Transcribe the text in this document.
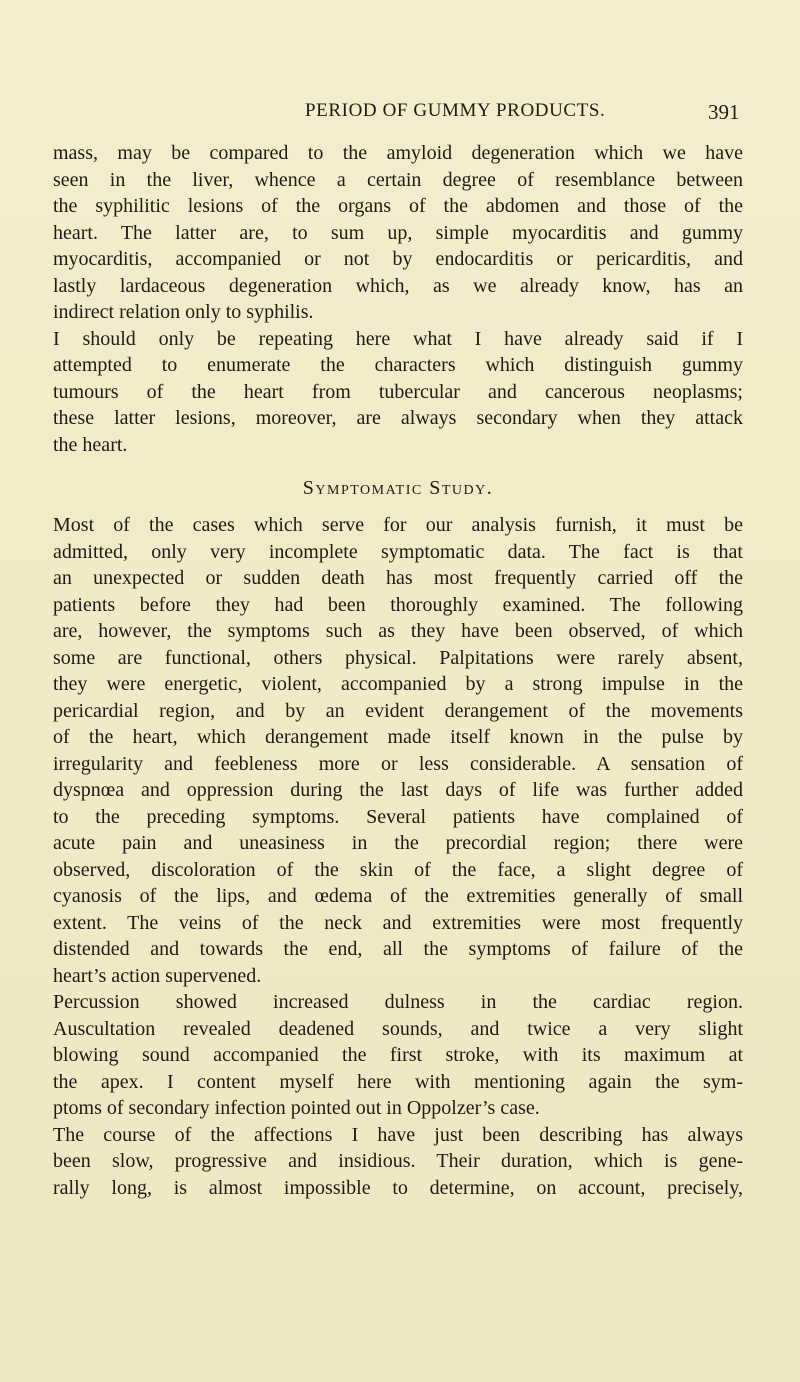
PERIOD OF GUMMY PRODUCTS.	391
mass, may be compared to the amyloid degeneration which we have
seen in the liver, whence a certain degree of resemblance between
the syphilitic lesions of the organs of the abdomen and those of the
heart. The latter are, to sum up, simple myocarditis and gummy
myocarditis, accompanied or not by endocarditis or pericarditis, and
lastly lardaceous degeneration which, as we already know, has an
indirect relation only to syphilis.
I should only be repeating here what I have already said if I
attempted to enumerate the characters which distinguish gummy
tumours of the heart from tubercular and cancerous neoplasms;
these latter lesions, moreover, are always secondary when they attack
the heart.
Symptomatic Study.
Most of the cases which serve for our analysis furnish, it must be
admitted, only very incomplete symptomatic data. The fact is that
an unexpected or sudden death has most frequently carried off the
patients before they had been thoroughly examined. The following
are, however, the symptoms such as they have been observed, of which
some are functional, others physical. Palpitations were rarely absent,
they were energetic, violent, accompanied by a strong impulse in the
pericardial region, and by an evident derangement of the movements
of the heart, which derangement made itself known in the pulse by
irregularity and feebleness more or less considerable. A sensation of
dyspnœa and oppression during the last days of life was further added
to the preceding symptoms. Several patients have complained of
acute pain and uneasiness in the precordial region; there were
observed, discoloration of the skin of the face, a slight degree of
cyanosis of the lips, and œdema of the extremities generally of small
extent. The veins of the neck and extremities were most frequently
distended and towards the end, all the symptoms of failure of the
heart’s action supervened.
Percussion showed increased dulness in the cardiac region.
Auscultation revealed deadened sounds, and twice a very slight
blowing sound accompanied the first stroke, with its maximum at
the apex. I content myself here with mentioning again the sym-
ptoms of secondary infection pointed out in Oppolzer’s case.
The course of the affections I have just been describing has always
been slow, progressive and insidious. Their duration, which is gene-
rally long, is almost impossible to determine, on account, precisely,
